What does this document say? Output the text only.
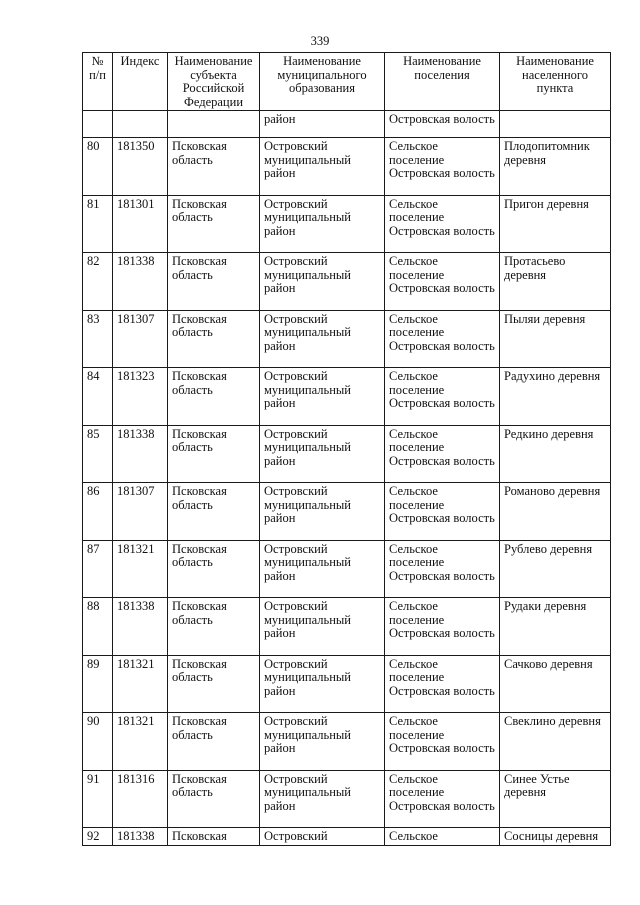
339
№ п/п	Индекс	Наименование субъекта Российской Федерации	Наименование муниципального образования	Наименование поселения	Наименование населенного пункта
			район	Островская волость	
80	181350	Псковская область	Островский муниципальный район	Сельское поселение Островская волость	Плодопитомник деревня
81	181301	Псковская область	Островский муниципальный район	Сельское поселение Островская волость	Пригон деревня
82	181338	Псковская область	Островский муниципальный район	Сельское поселение Островская волость	Протасьево деревня
83	181307	Псковская область	Островский муниципальный район	Сельское поселение Островская волость	Пыляи деревня
84	181323	Псковская область	Островский муниципальный район	Сельское поселение Островская волость	Радухино деревня
85	181338	Псковская область	Островский муниципальный район	Сельское поселение Островская волость	Редкино деревня
86	181307	Псковская область	Островский муниципальный район	Сельское поселение Островская волость	Романово деревня
87	181321	Псковская область	Островский муниципальный район	Сельское поселение Островская волость	Рублево деревня
88	181338	Псковская область	Островский муниципальный район	Сельское поселение Островская волость	Рудаки деревня
89	181321	Псковская область	Островский муниципальный район	Сельское поселение Островская волость	Сачково деревня
90	181321	Псковская область	Островский муниципальный район	Сельское поселение Островская волость	Свеклино деревня
91	181316	Псковская область	Островский муниципальный район	Сельское поселение Островская волость	Синее Устье деревня
92	181338	Псковская	Островский	Сельское	Сосницы деревня
